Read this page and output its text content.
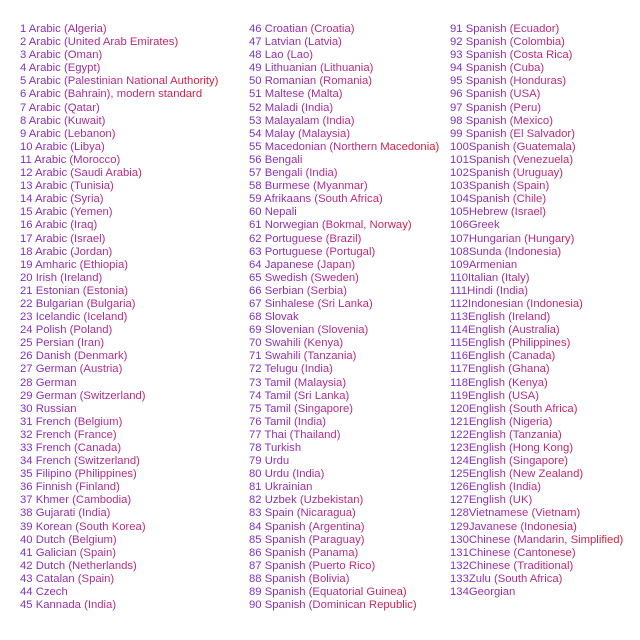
1 Arabic (Algeria)
2 Arabic (United Arab Emirates)
3 Arabic (Oman)
4 Arabic (Egypt)
5 Arabic (Palestinian National Authority)
6 Arabic (Bahrain), modern standard
7 Arabic (Qatar)
8 Arabic (Kuwait)
9 Arabic (Lebanon)
10 Arabic (Libya)
11 Arabic (Morocco)
12 Arabic (Saudi Arabia)
13 Arabic (Tunisia)
14 Arabic (Syria)
15 Arabic (Yemen)
16 Arabic (Iraq)
17 Arabic (Israel)
18 Arabic (Jordan)
19 Amharic (Ethiopia)
20 Irish (Ireland)
21 Estonian (Estonia)
22 Bulgarian (Bulgaria)
23 Icelandic (Iceland)
24 Polish (Poland)
25 Persian (Iran)
26 Danish (Denmark)
27 German (Austria)
28 German
29 German (Switzerland)
30 Russian
31 French (Belgium)
32 French (France)
33 French (Canada)
34 French (Switzerland)
35 Filipino (Philippines)
36 Finnish (Finland)
37 Khmer (Cambodia)
38 Gujarati (India)
39 Korean (South Korea)
40 Dutch (Belgium)
41 Galician (Spain)
42 Dutch (Netherlands)
43 Catalan (Spain)
44 Czech
45 Kannada (India)
46 Croatian (Croatia)
47 Latvian (Latvia)
48 Lao (Lao)
49 Lithuanian (Lithuania)
50 Romanian (Romania)
51 Maltese (Malta)
52 Maladi (India)
53 Malayalam (India)
54 Malay (Malaysia)
55 Macedonian (Northern Macedonia)
56 Bengali
57 Bengali (India)
58 Burmese (Myanmar)
59 Afrikaans (South Africa)
60 Nepali
61 Norwegian (Bokmal, Norway)
62 Portuguese (Brazil)
63 Portuguese (Portugal)
64 Japanese (Japan)
65 Swedish (Sweden)
66 Serbian (Serbia)
67 Sinhalese (Sri Lanka)
68 Slovak
69 Slovenian (Slovenia)
70 Swahili (Kenya)
71 Swahili (Tanzania)
72 Telugu (India)
73 Tamil (Malaysia)
74 Tamil (Sri Lanka)
75 Tamil (Singapore)
76 Tamil (India)
77 Thai (Thailand)
78 Turkish
79 Urdu
80 Urdu (India)
81 Ukrainian
82 Uzbek (Uzbekistan)
83 Spain (Nicaragua)
84 Spanish (Argentina)
85 Spanish (Paraguay)
86 Spanish (Panama)
87 Spanish (Puerto Rico)
88 Spanish (Bolivia)
89 Spanish (Equatorial Guinea)
90 Spanish (Dominican Republic)
91 Spanish (Ecuador)
92 Spanish (Colombia)
93 Spanish (Costa Rica)
94 Spanish (Cuba)
95 Spanish (Honduras)
96 Spanish (USA)
97 Spanish (Peru)
98 Spanish (Mexico)
99 Spanish (El Salvador)
100Spanish (Guatemala)
101Spanish (Venezuela)
102Spanish (Uruguay)
103Spanish (Spain)
104Spanish (Chile)
105Hebrew (Israel)
106Greek
107Hungarian (Hungary)
108Sunda (Indonesia)
109Armenian
110Italian (Italy)
111Hindi (India)
112Indonesian (Indonesia)
113English (Ireland)
114English (Australia)
115English (Philippines)
116English (Canada)
117English (Ghana)
118English (Kenya)
119English (USA)
120English (South Africa)
121English (Nigeria)
122English (Tanzania)
123English (Hong Kong)
124English (Singapore)
125English (New Zealand)
126English (India)
127English (UK)
128Vietnamese (Vietnam)
129Javanese (Indonesia)
130Chinese (Mandarin, Simplified)
131Chinese (Cantonese)
132Chinese (Traditional)
133Zulu (South Africa)
134Georgian
